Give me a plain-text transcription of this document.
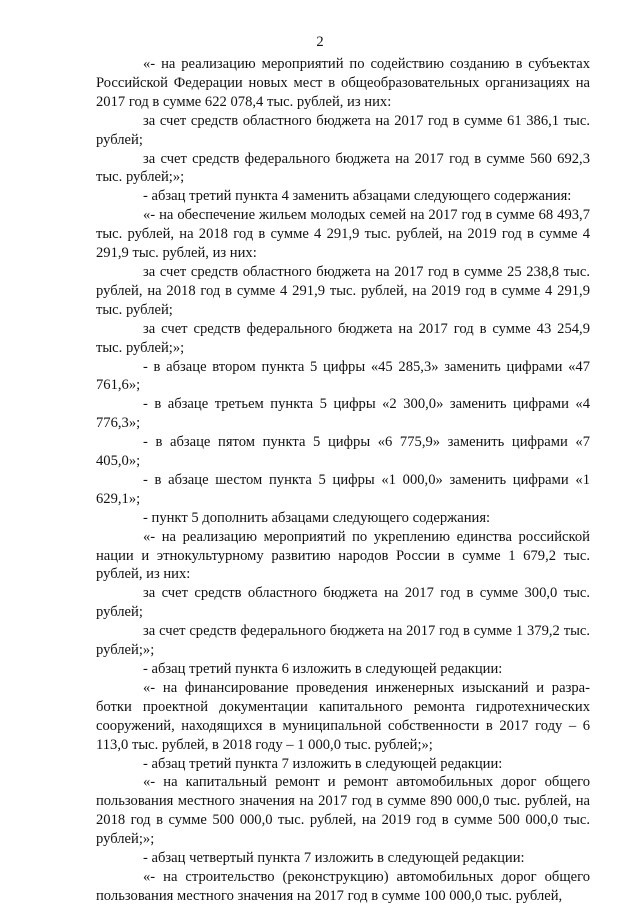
2

«- на реализацию мероприятий по содействию созданию в субъектах Российской Федерации новых мест в общеобразовательных организациях на 2017 год в сумме 622 078,4 тыс. рублей, из них:

за счет средств областного бюджета на 2017 год в сумме 61 386,1 тыс. рублей;

за счет средств федерального бюджета на 2017 год в сумме 560 692,3 тыс. рублей;»;

- абзац третий пункта 4 заменить абзацами следующего содержания:

«- на обеспечение жильем молодых семей на 2017 год в сумме 68 493,7 тыс. рублей, на 2018 год в сумме 4 291,9 тыс. рублей, на 2019 год в сумме 4 291,9 тыс. рублей, из них:

за счет средств областного бюджета на 2017 год в сумме 25 238,8 тыс. рублей, на 2018 год в сумме 4 291,9 тыс. рублей, на 2019 год в сумме 4 291,9 тыс. рублей;

за счет средств федерального бюджета на 2017 год в сумме 43 254,9 тыс. рублей;»;

- в абзаце втором пункта 5 цифры «45 285,3» заменить цифрами «47 761,6»;

- в абзаце третьем пункта 5 цифры «2 300,0» заменить цифрами «4 776,3»;

- в абзаце пятом пункта 5 цифры «6 775,9» заменить цифрами «7 405,0»;

- в абзаце шестом пункта 5 цифры «1 000,0» заменить цифрами «1 629,1»;

- пункт 5 дополнить абзацами следующего содержания:

«- на реализацию мероприятий по укреплению единства российской нации и этнокультурному развитию народов России в сумме 1 679,2 тыс. рублей, из них:

за счет средств областного бюджета на 2017 год в сумме 300,0 тыс. рублей;

за счет средств федерального бюджета на 2017 год в сумме 1 379,2 тыс. рублей;»;

- абзац третий пункта 6 изложить в следующей редакции:

«- на финансирование проведения инженерных изысканий и разработки проектной документации капитального ремонта гидротехнических сооружений, находящихся в муниципальной собственности в 2017 году – 6 113,0 тыс. рублей, в 2018 году – 1 000,0 тыс. рублей;»;

- абзац третий пункта 7 изложить в следующей редакции:

«- на капитальный ремонт и ремонт автомобильных дорог общего пользования местного значения на 2017 год в сумме 890 000,0 тыс. рублей, на 2018 год в сумме 500 000,0 тыс. рублей, на 2019 год в сумме 500 000,0 тыс. рублей;»;

- абзац четвертый пункта 7 изложить в следующей редакции:

«- на строительство (реконструкцию) автомобильных дорог общего пользования местного значения на 2017 год в сумме 100 000,0 тыс. рублей,
